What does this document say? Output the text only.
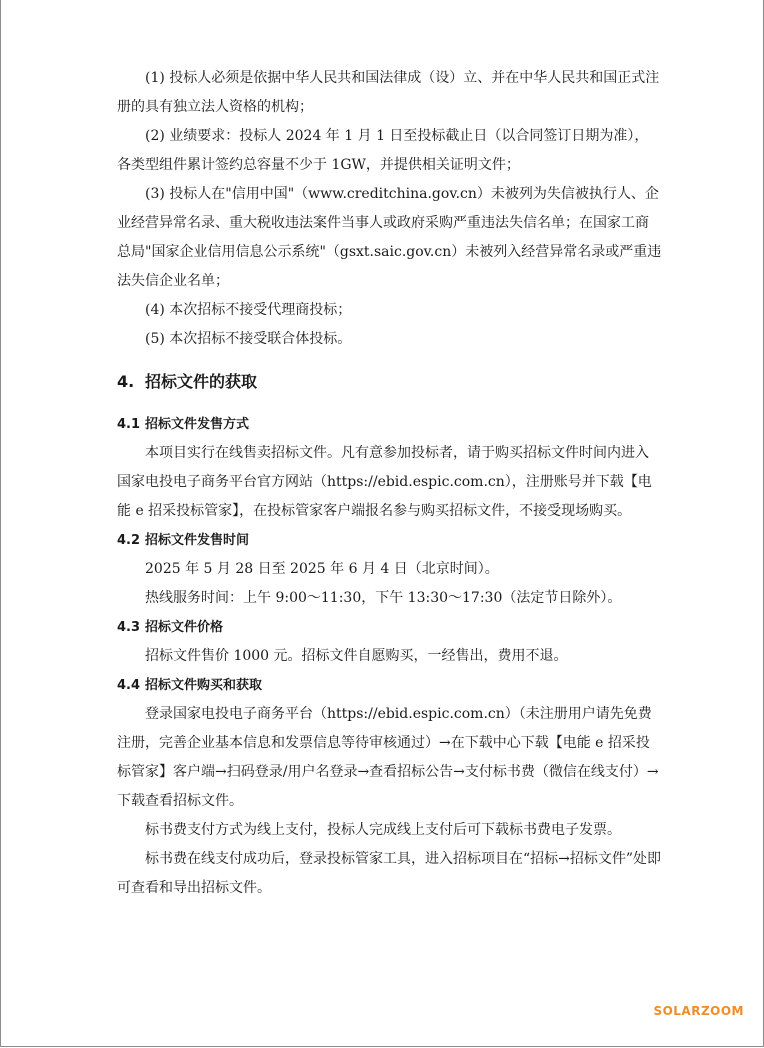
(1) 投标人必须是依据中华人民共和国法律成（设）立、并在中华人民共和国正式注册的具有独立法人资格的机构；

(2) 业绩要求：投标人 2024 年 1 月 1 日至投标截止日（以合同签订日期为准），各类型组件累计签约总容量不少于 1GW，并提供相关证明文件；

(3) 投标人在"信用中国"（www.creditchina.gov.cn）未被列为失信被执行人、企业经营异常名录、重大税收违法案件当事人或政府采购严重违法失信名单；在国家工商总局"国家企业信用信息公示系统"（gsxt.saic.gov.cn）未被列入经营异常名录或严重违法失信企业名单；

(4) 本次招标不接受代理商投标；

(5) 本次招标不接受联合体投标。

4. 招标文件的获取
4.1 招标文件发售方式

本项目实行在线售卖招标文件。凡有意参加投标者，请于购买招标文件时间内进入国家电投电子商务平台官方网站（https://ebid.espic.com.cn），注册账号并下载【电能 e 招采投标管家】，在投标管家客户端报名参与购买招标文件，不接受现场购买。

4.2 招标文件发售时间

2025 年 5 月 28 日至 2025 年 6 月 4 日（北京时间）。

热线服务时间：上午 9:00～11:30，下午 13:30～17:30（法定节日除外）。

4.3 招标文件价格

招标文件售价 1000 元。招标文件自愿购买，一经售出，费用不退。

4.4 招标文件购买和获取

登录国家电投电子商务平台（https://ebid.espic.com.cn）（未注册用户请先免费注册，完善企业基本信息和发票信息等待审核通过）→在下载中心下载【电能 e 招采投标管家】客户端→扫码登录/用户名登录→查看招标公告→支付标书费（微信在线支付）→下载查看招标文件。

标书费支付方式为线上支付，投标人完成线上支付后可下载标书费电子发票。

标书费在线支付成功后，登录投标管家工具，进入招标项目在“招标→招标文件”处即可查看和导出招标文件。

SOLARZOOM
